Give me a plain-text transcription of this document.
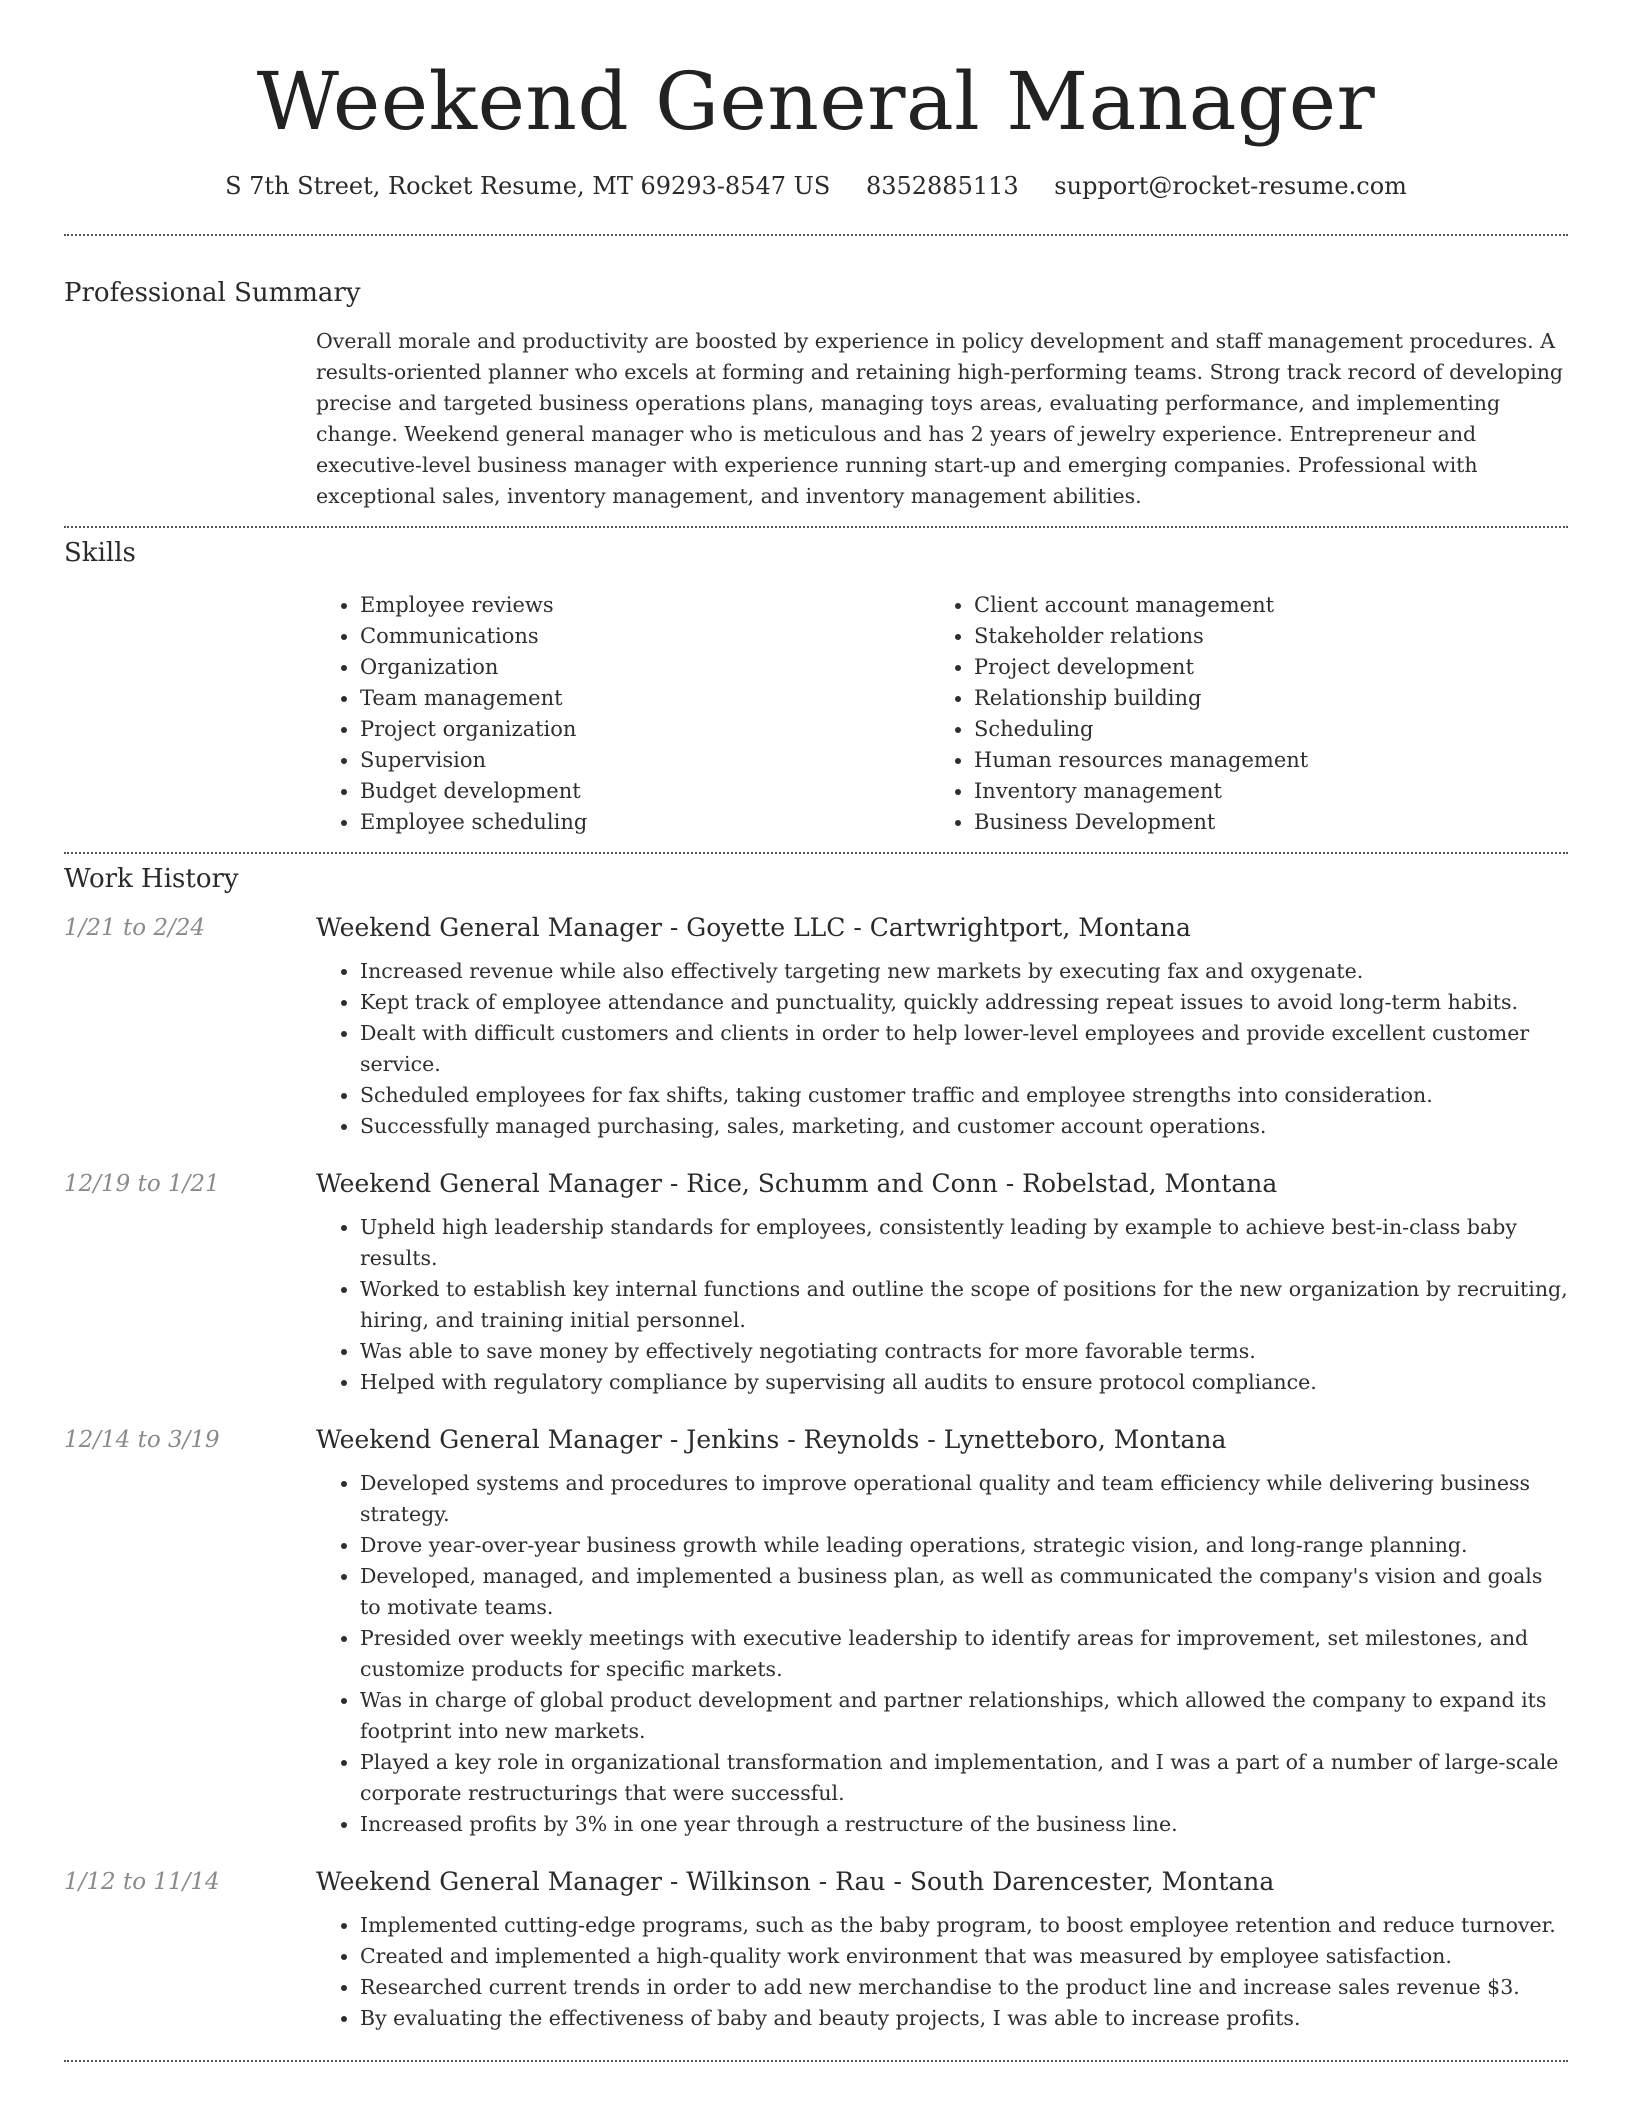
Weekend General Manager
S 7th Street, Rocket Resume, MT 69293-8547 US 8352885113 support@rocket-resume.com
Professional Summary

Overall morale and productivity are boosted by experience in policy development and staff management procedures. A results-oriented planner who excels at forming and retaining high-performing teams. Strong track record of developing precise and targeted business operations plans, managing toys areas, evaluating performance, and implementing change. Weekend general manager who is meticulous and has 2 years of jewelry experience. Entrepreneur and executive-level business manager with experience running start-up and emerging companies. Professional with exceptional sales, inventory management, and inventory management abilities.

Skills
• Employee reviews
• Communications
• Organization
• Team management
• Project organization
• Supervision
• Budget development
• Employee scheduling
• Client account management
• Stakeholder relations
• Project development
• Relationship building
• Scheduling
• Human resources management
• Inventory management
• Business Development
Work History
1/21 to 2/24	Weekend General Manager - Goyette LLC - Cartwrightport, Montana
• Increased revenue while also effectively targeting new markets by executing fax and oxygenate.
• Kept track of employee attendance and punctuality, quickly addressing repeat issues to avoid long-term habits.
• Dealt with difficult customers and clients in order to help lower-level employees and provide excellent customer service.
• Scheduled employees for fax shifts, taking customer traffic and employee strengths into consideration.
• Successfully managed purchasing, sales, marketing, and customer account operations.
12/19 to 1/21	Weekend General Manager - Rice, Schumm and Conn - Robelstad, Montana
• Upheld high leadership standards for employees, consistently leading by example to achieve best-in-class baby results.
• Worked to establish key internal functions and outline the scope of positions for the new organization by recruiting, hiring, and training initial personnel.
• Was able to save money by effectively negotiating contracts for more favorable terms.
• Helped with regulatory compliance by supervising all audits to ensure protocol compliance.
12/14 to 3/19	Weekend General Manager - Jenkins - Reynolds - Lynetteboro, Montana
• Developed systems and procedures to improve operational quality and team efficiency while delivering business strategy.
• Drove year-over-year business growth while leading operations, strategic vision, and long-range planning.
• Developed, managed, and implemented a business plan, as well as communicated the company's vision and goals to motivate teams.
• Presided over weekly meetings with executive leadership to identify areas for improvement, set milestones, and customize products for specific markets.
• Was in charge of global product development and partner relationships, which allowed the company to expand its footprint into new markets.
• Played a key role in organizational transformation and implementation, and I was a part of a number of large-scale corporate restructurings that were successful.
• Increased profits by 3% in one year through a restructure of the business line.
1/12 to 11/14	Weekend General Manager - Wilkinson - Rau - South Darencester, Montana
• Implemented cutting-edge programs, such as the baby program, to boost employee retention and reduce turnover.
• Created and implemented a high-quality work environment that was measured by employee satisfaction.
• Researched current trends in order to add new merchandise to the product line and increase sales revenue $3.
• By evaluating the effectiveness of baby and beauty projects, I was able to increase profits.
